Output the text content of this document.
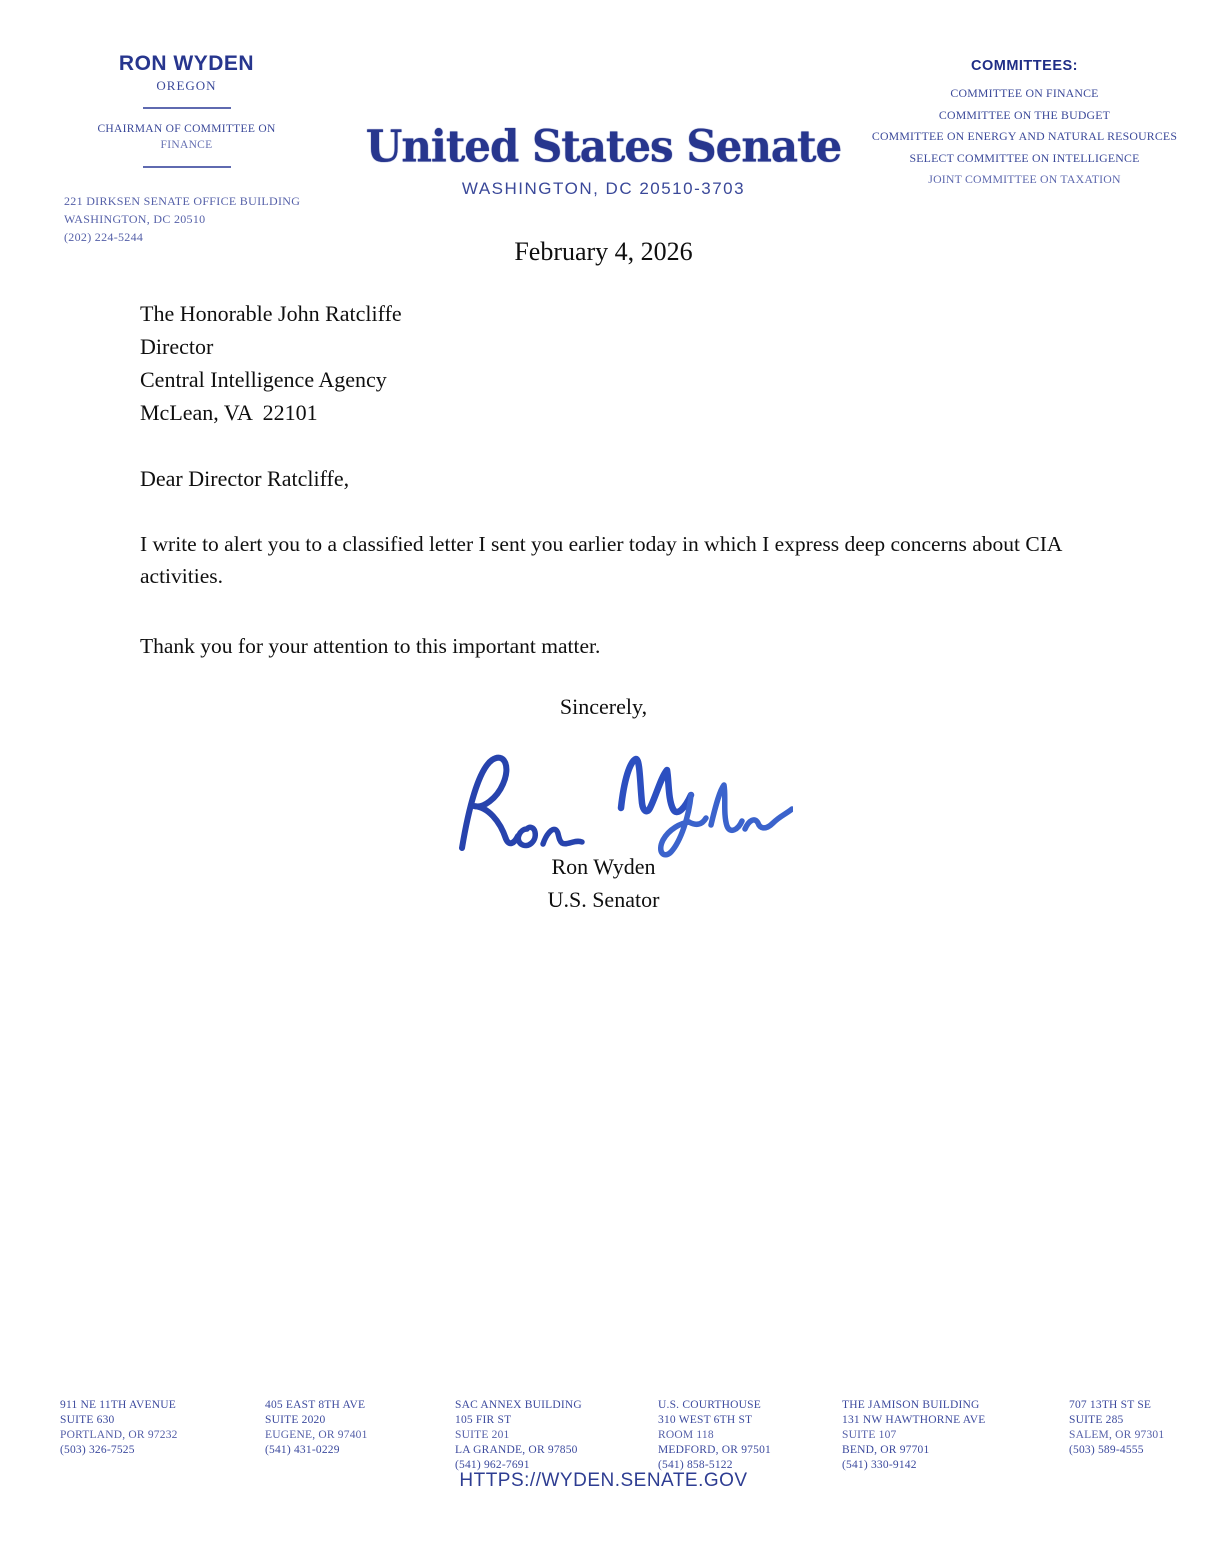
RON WYDEN
OREGON
CHAIRMAN OF COMMITTEE ON
FINANCE
221 DIRKSEN SENATE OFFICE BUILDING
WASHINGTON, DC 20510
(202) 224-5244
United States Senate
WASHINGTON, DC 20510-3703
COMMITTEES:
COMMITTEE ON FINANCE
COMMITTEE ON THE BUDGET
COMMITTEE ON ENERGY AND NATURAL RESOURCES
SELECT COMMITTEE ON INTELLIGENCE
JOINT COMMITTEE ON TAXATION
February 4, 2026
The Honorable John Ratcliffe
Director
Central Intelligence Agency
McLean, VA  22101
Dear Director Ratcliffe,

I write to alert you to a classified letter I sent you earlier today in which I express deep concerns about CIA activities.

Thank you for your attention to this important matter.

Sincerely,
Ron Wyden
U.S. Senator
911 NE 11TH AVENUE
SUITE 630
PORTLAND, OR 97232
(503) 326-7525
405 EAST 8TH AVE
SUITE 2020
EUGENE, OR 97401
(541) 431-0229
SAC ANNEX BUILDING
105 FIR ST
SUITE 201
LA GRANDE, OR 97850
(541) 962-7691
U.S. COURTHOUSE
310 WEST 6TH ST
ROOM 118
MEDFORD, OR 97501
(541) 858-5122
THE JAMISON BUILDING
131 NW HAWTHORNE AVE
SUITE 107
BEND, OR 97701
(541) 330-9142
707 13TH ST SE
SUITE 285
SALEM, OR 97301
(503) 589-4555
HTTPS://WYDEN.SENATE.GOV
